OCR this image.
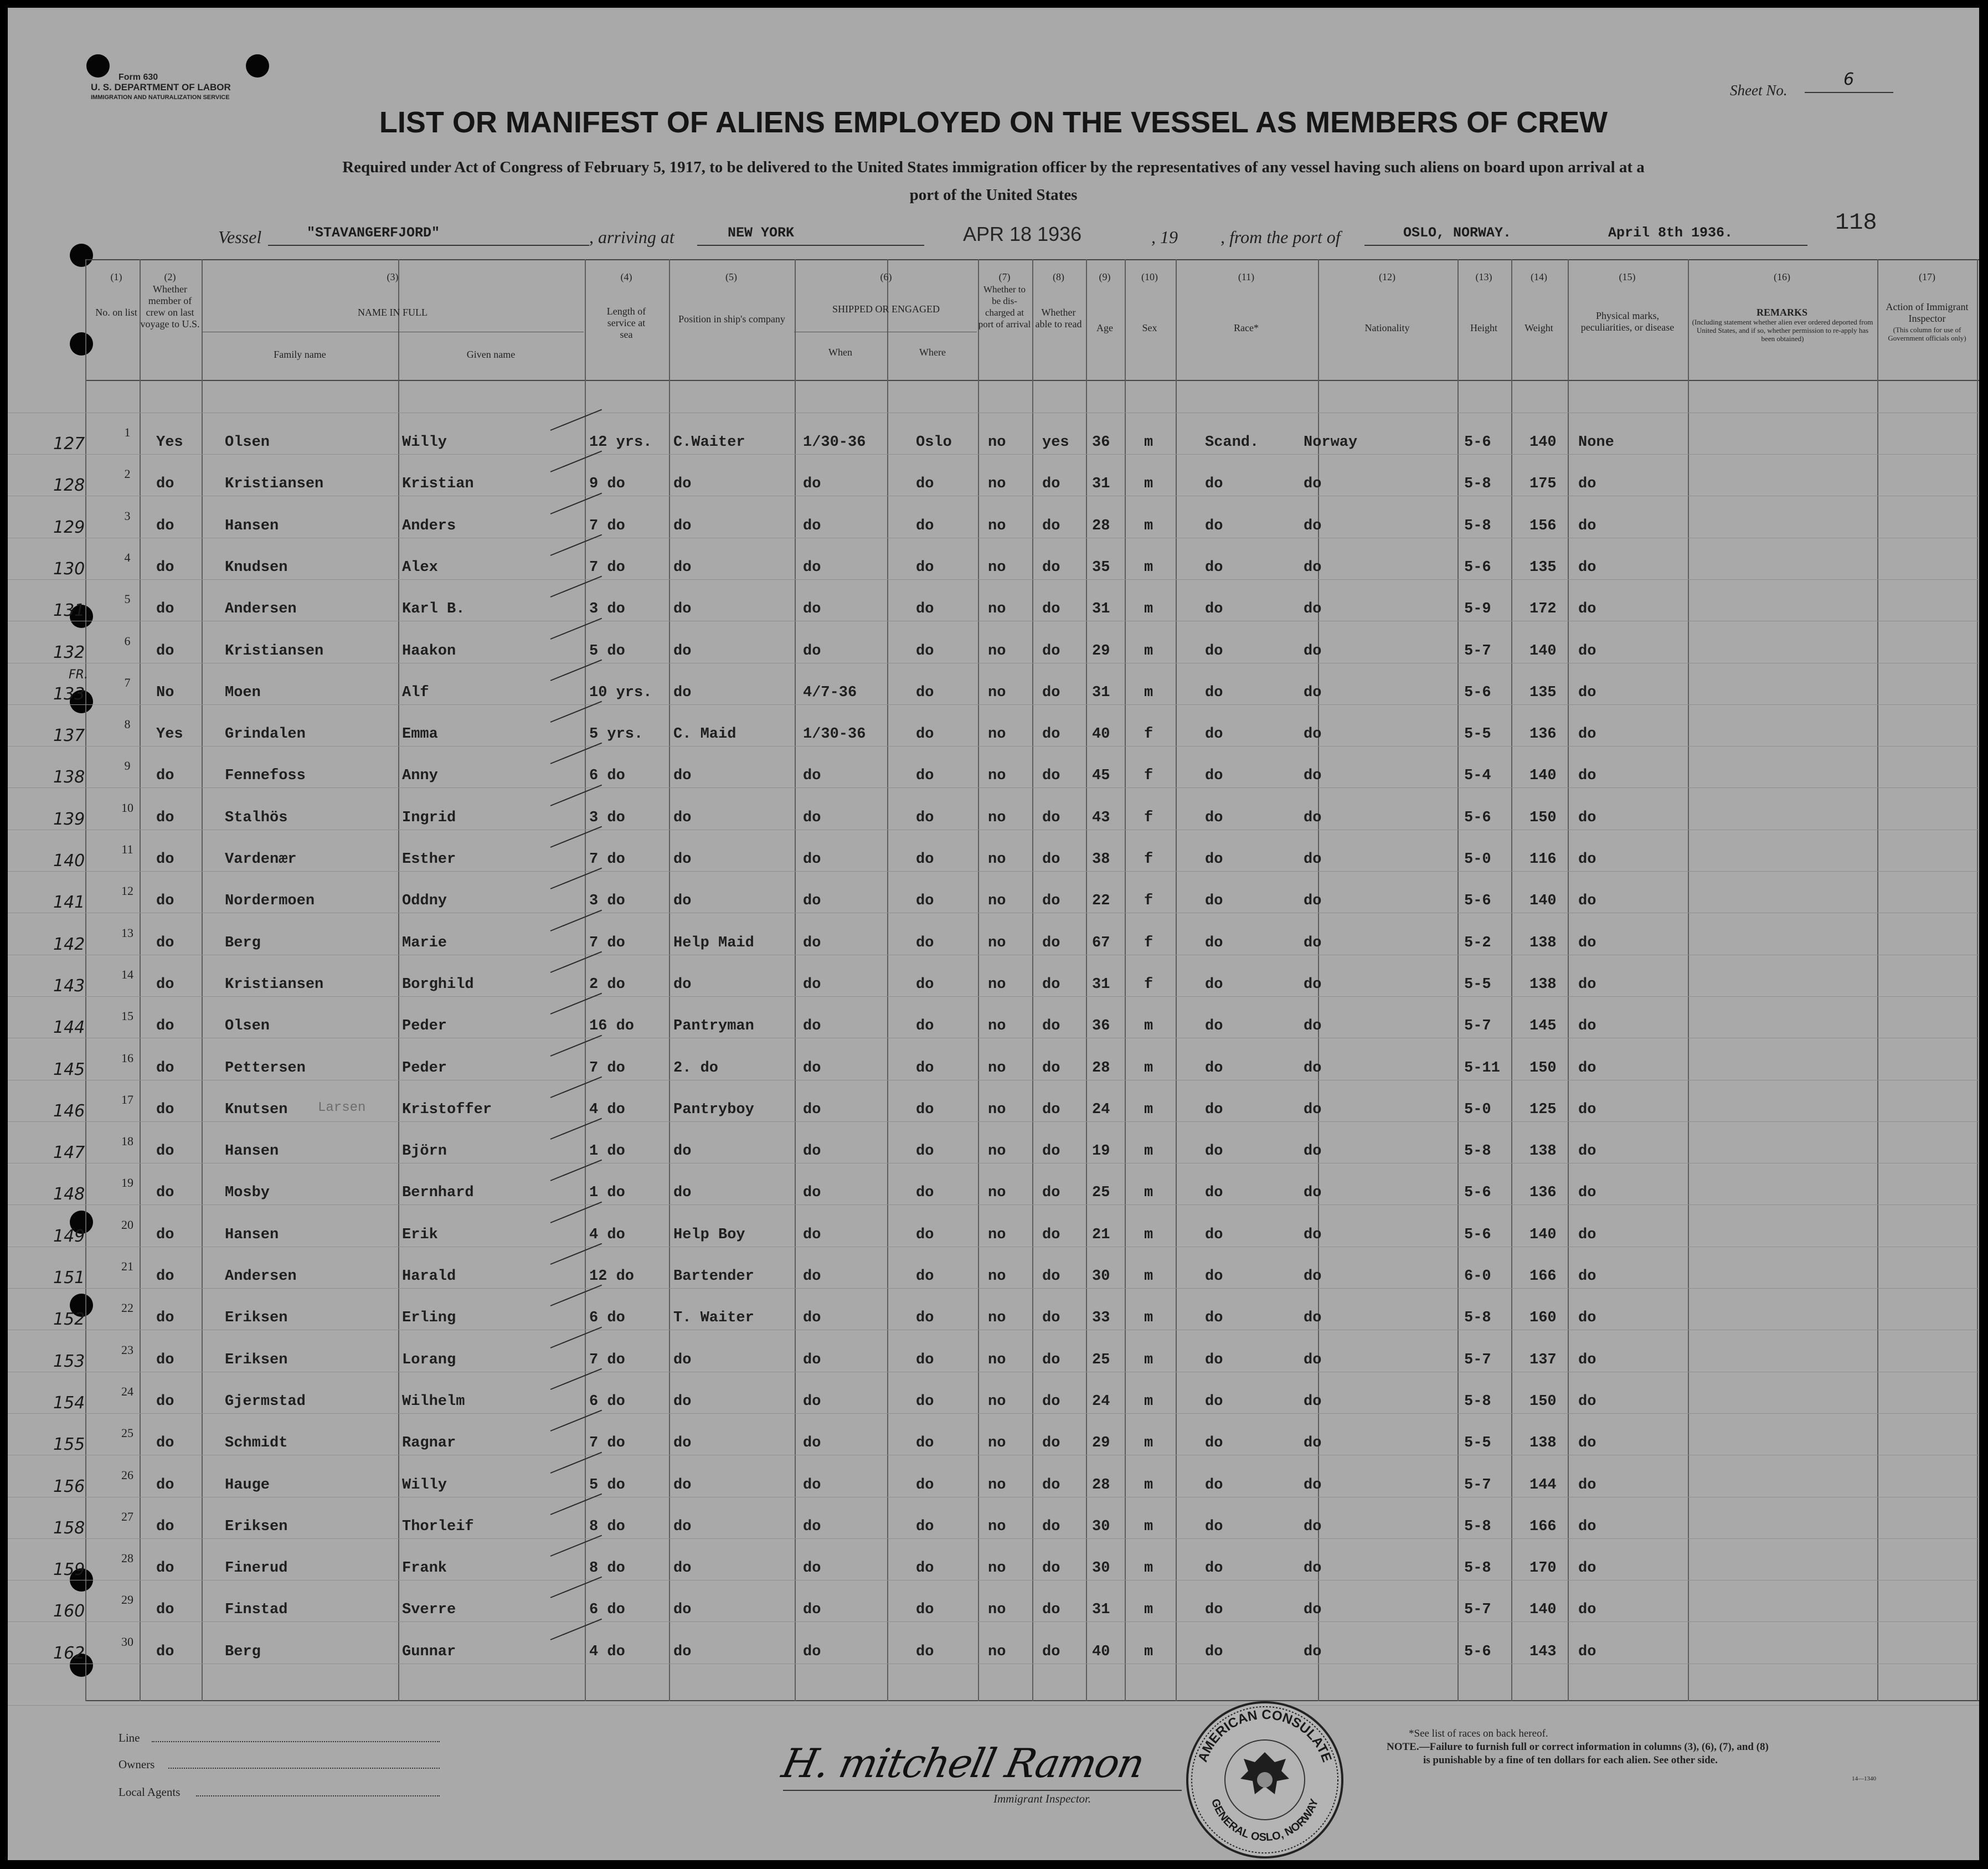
Form 630
U. S. DEPARTMENT OF LABOR
IMMIGRATION AND NATURALIZATION SERVICE	Sheet No.
6
LIST OR MANIFEST OF ALIENS EMPLOYED ON THE VESSEL AS MEMBERS OF CREW
Required under Act of Congress of February 5, 1917, to be delivered to the United States immigration officer by the representatives of any vessel having such aliens on board upon arrival at a
port of the United States
118
Vessel	"STAVANGERFJORD"	, arriving at	NEW YORK	APR 18 1936	, 19 , from the port of	OSLO, NORWAY.	April 8th 1936.
(1)
No. on list
(2)
Whether member of crew on last voyage to U.S.
(3)
NAME IN FULL
Family name	Given name
(4)
Length of service at sea
(5)
Position in ship's company
(6)
SHIPPED OR ENGAGED
When	Where
(7)
Whether to be dis-charged at port of arrival
(8)
Whether able to read
(9)
Age
(10)
Sex
(11)
Race*
(12)
Nationality
(13)
Height
(14)
Weight
(15)
Physical marks, peculiarities, or disease
(16)
REMARKS
(Including statement whether alien ever ordered deported from United States, and if so, whether permission to re-apply has been obtained)
(17)
Action of Immigrant Inspector
(This column for use of Government officials only)
127
1
Yes	Olsen	Willy	12 yrs. C.Waiter	1/30-36	Oslo no yes 36 m	Scand.	Norway	5-6	140 None
128
2
do	Kristiansen	Kristian	9 do	do	do	do	no do 31 m	do	do	5-8	175 do
129
3
do	Hansen	Anders	7 do	do	do	do	no do 28 m	do	do	5-8	156 do
130
4
do	Knudsen	Alex	7 do	do	do	do	no do 35 m	do	do	5-6	135 do
131
5
do	Andersen	Karl B.	3 do	do	do	do	no do 31 m	do	do	5-9	172 do
132
6
do	Kristiansen	Haakon	5 do	do	do	do	no do 29 m	do	do	5-7	140 do
133
7
No	Moen	Alf	10 yrs. do	4/7-36	do	no do 31 m	do	do	5-6	135 do
FR.
137
8
Yes	Grindalen	Emma	5 yrs. C. Maid	1/30-36	do	no do 40 f	do	do	5-5	136 do
138
9
do	Fennefoss	Anny	6 do	do	do	do	no do 45 f	do	do	5-4	140 do
139
10
do	Stalhös	Ingrid	3 do	do	do	do	no do 43 f	do	do	5-6	150 do
140
11
do	Vardenær	Esther	7 do	do	do	do	no do 38 f	do	do	5-0	116 do
141
12
do	Nordermoen	Oddny	3 do	do	do	do	no do 22 f	do	do	5-6	140 do
142
13
do	Berg	Marie	7 do	Help Maid	do	do	no do 67 f	do	do	5-2	138 do
143
14
do	Kristiansen	Borghild	2 do	do	do	do	no do 31 f	do	do	5-5	138 do
144
15
do	Olsen	Peder	16 do	Pantryman	do	do	no do 36 m	do	do	5-7	145 do
145
16
do	Pettersen	Peder	7 do	2. do	do	do	no do 28 m	do	do	5-11 150 do
146
17
do	Knutsen	Kristoffer	4 do	Pantryboy	do	do	no do 24 m	do	do	5-0	125 do
Larsen
147
18
do	Hansen	Björn	1 do	do	do	do	no do 19 m	do	do	5-8	138 do
148
19
do	Mosby	Bernhard	1 do	do	do	do	no do 25 m	do	do	5-6	136 do
149
20
do	Hansen	Erik	4 do	Help Boy	do	do	no do 21 m	do	do	5-6	140 do
151
21
do	Andersen	Harald	12 do	Bartender	do	do	no do 30 m	do	do	6-0	166 do
152
22
do	Eriksen	Erling	6 do	T. Waiter	do	do	no do 33 m	do	do	5-8	160 do
153
23
do	Eriksen	Lorang	7 do	do	do	do	no do 25 m	do	do	5-7	137 do
154
24
do	Gjermstad	Wilhelm	6 do	do	do	do	no do 24 m	do	do	5-8	150 do
155
25
do	Schmidt	Ragnar	7 do	do	do	do	no do 29 m	do	do	5-5	138 do
156
26
do	Hauge	Willy	5 do	do	do	do	no do 28 m	do	do	5-7	144 do
158
27
do	Eriksen	Thorleif	8 do	do	do	do	no do 30 m	do	do	5-8	166 do
159
28
do	Finerud	Frank	8 do	do	do	do	no do 30 m	do	do	5-8	170 do
160
29
do	Finstad	Sverre	6 do	do	do	do	no do 31 m	do	do	5-7	140 do
162
30
do	Berg	Gunnar	4 do	do	do	do	no do 40 m	do	do	5-6	143 do
Line
Owners
Local Agents
H. mitchell Ramon
Immigrant Inspector.
AMERICAN CONSULATE
GENERAL OSLO, NORWAY
*See list of races on back hereof.
NOTE.—Failure to furnish full or correct information in columns (3), (6), (7), and (8)
is punishable by a fine of ten dollars for each alien. See other side.
14—1340
